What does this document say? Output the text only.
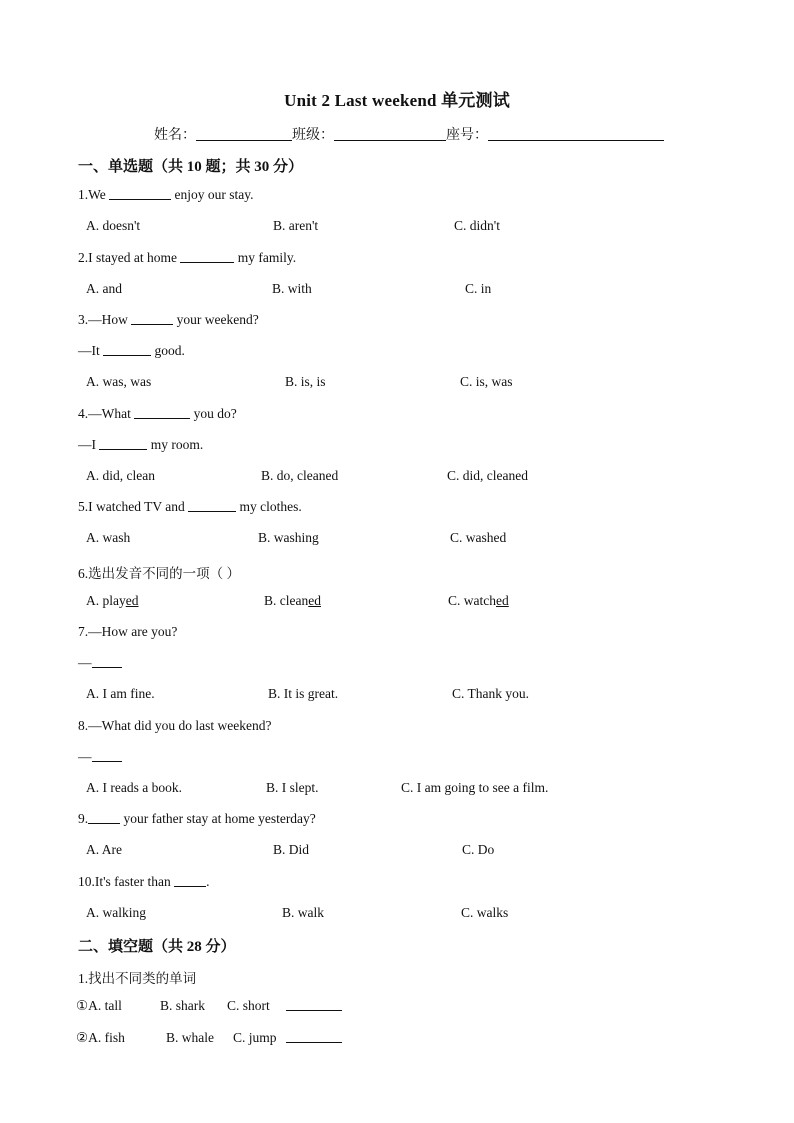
Unit 2 Last weekend 单元测试
姓名：	班级：	座号：
一、单选题（共 10 题；共 30 分）
1.We	enjoy our stay.
A. doesn't	B. aren't	C. didn't
2.I stayed at home	my family.
A. and	B. with	C. in
3.—How	your weekend?
—It	good.
A. was, was	B. is, is	C. is, was
4.—What	you do?
—I	my room.
A. did, clean	B. do, cleaned	C. did, cleaned
5.I watched TV and	my clothes.
A. wash	B. washing	C. washed
6.选出发音不同的一项（ ）
A. played	B. cleaned	C. watched
7.—How are you?
—
A. I am fine.	B. It is great.	C. Thank you.
8.—What did you do last weekend?
—
A. I reads a book.	B. I slept.	C. I am going to see a film.
9. your father stay at home yesterday?
A. Are	B. Did	C. Do
10.It's faster than .
A. walking	B. walk	C. walks
二、填空题（共 28 分）
1.找出不同类的单词
①A. tall	B. shark C. short
②A. fish	B. whale C. jump
